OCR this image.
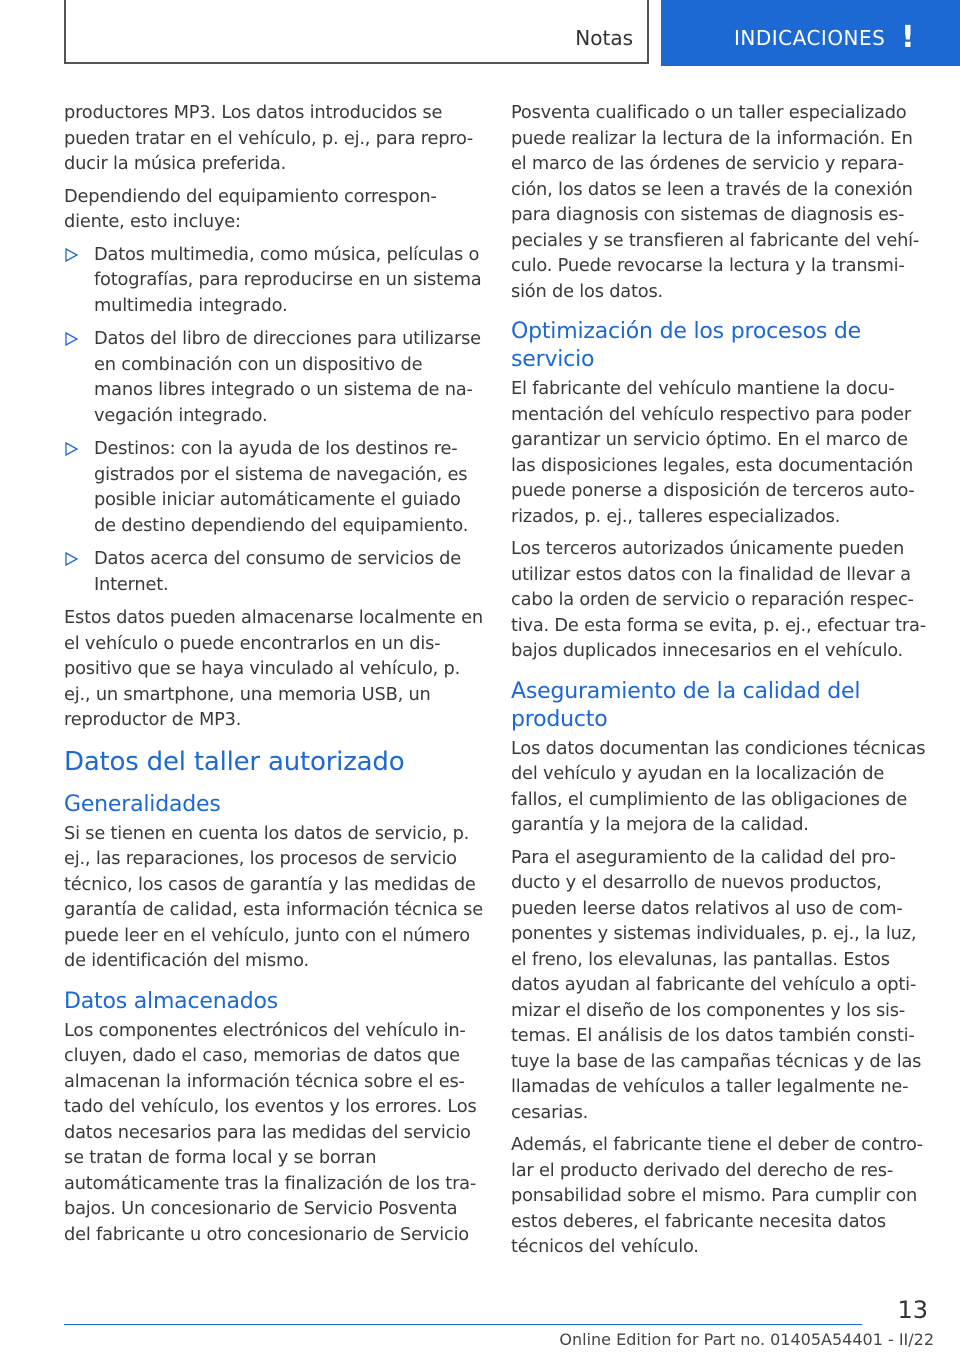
Notas	INDICACIONES !

productores MP3. Los datos introducidos se pueden tratar en el vehículo, p. ej., para reproducir la música preferida.

Dependiendo del equipamiento correspondiente, esto incluye:

Datos multimedia, como música, películas o fotografías, para reproducirse en un sistema multimedia integrado.
Datos del libro de direcciones para utilizarse en combinación con un dispositivo de manos libres integrado o un sistema de navegación integrado.
Destinos: con la ayuda de los destinos registrados por el sistema de navegación, es posible iniciar automáticamente el guiado de destino dependiendo del equipamiento.
Datos acerca del consumo de servicios de Internet.

Estos datos pueden almacenarse localmente en el vehículo o puede encontrarlos en un dispositivo que se haya vinculado al vehículo, p. ej., un smartphone, una memoria USB, un reproductor de MP3.

Datos del taller autorizado
Generalidades

Si se tienen en cuenta los datos de servicio, p. ej., las reparaciones, los procesos de servicio técnico, los casos de garantía y las medidas de garantía de calidad, esta información técnica se puede leer en el vehículo, junto con el número de identificación del mismo.

Datos almacenados

Los componentes electrónicos del vehículo incluyen, dado el caso, memorias de datos que almacenan la información técnica sobre el estado del vehículo, los eventos y los errores. Los datos necesarios para las medidas del servicio se tratan de forma local y se borran automáticamente tras la finalización de los trabajos. Un concesionario de Servicio Posventa del fabricante u otro concesionario de Servicio

Posventa cualificado o un taller especializado puede realizar la lectura de la información. En el marco de las órdenes de servicio y reparación, los datos se leen a través de la conexión para diagnosis con sistemas de diagnosis especiales y se transfieren al fabricante del vehículo. Puede revocarse la lectura y la transmisión de los datos.

Optimización de los procesos de servicio

El fabricante del vehículo mantiene la documentación del vehículo respectivo para poder garantizar un servicio óptimo. En el marco de las disposiciones legales, esta documentación puede ponerse a disposición de terceros autorizados, p. ej., talleres especializados.

Los terceros autorizados únicamente pueden utilizar estos datos con la finalidad de llevar a cabo la orden de servicio o reparación respectiva. De esta forma se evita, p. ej., efectuar trabajos duplicados innecesarios en el vehículo.

Aseguramiento de la calidad del producto

Los datos documentan las condiciones técnicas del vehículo y ayudan en la localización de fallos, el cumplimiento de las obligaciones de garantía y la mejora de la calidad.

Para el aseguramiento de la calidad del producto y el desarrollo de nuevos productos, pueden leerse datos relativos al uso de componentes y sistemas individuales, p. ej., la luz, el freno, los elevalunas, las pantallas. Estos datos ayudan al fabricante del vehículo a optimizar el diseño de los componentes y los sistemas. El análisis de los datos también constituye la base de las campañas técnicas y de las llamadas de vehículos a taller legalmente necesarias.

Además, el fabricante tiene el deber de controlar el producto derivado del derecho de responsabilidad sobre el mismo. Para cumplir con estos deberes, el fabricante necesita datos técnicos del vehículo.

13
Online Edition for Part no. 01405A54401 - II/22
